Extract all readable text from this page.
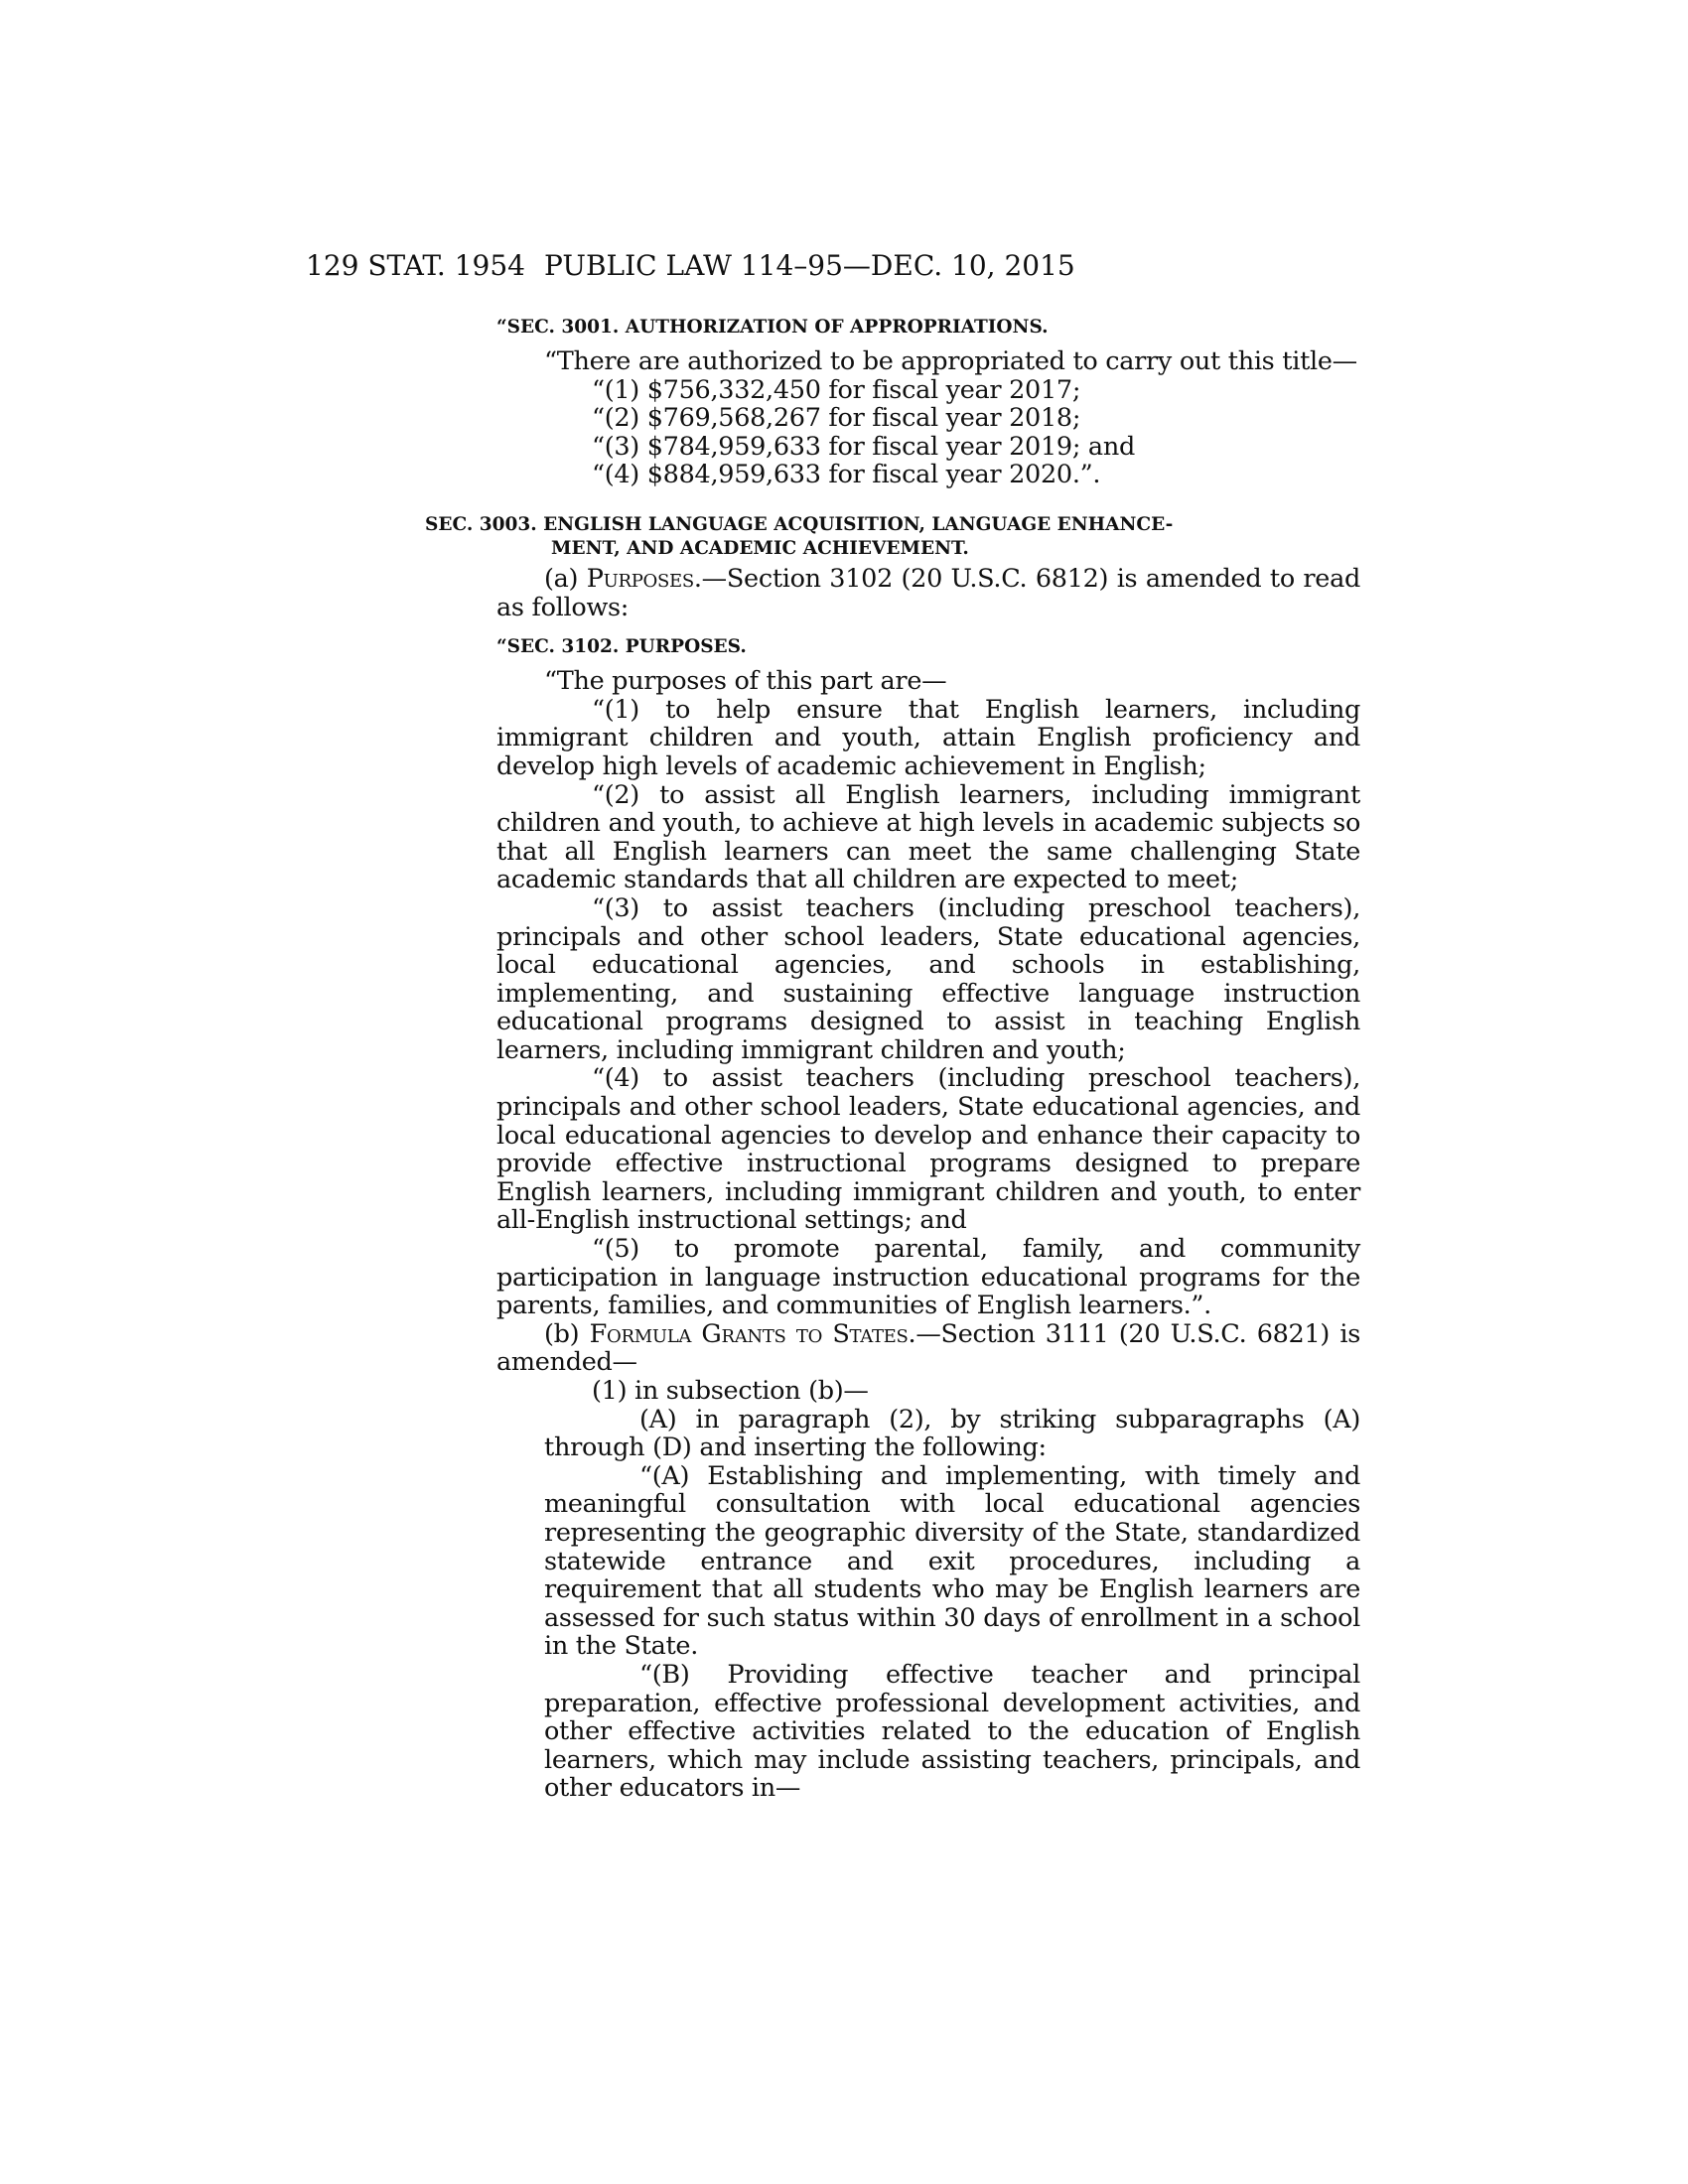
129 STAT. 1954 PUBLIC LAW 114–95—DEC. 10, 2015
“SEC. 3001. AUTHORIZATION OF APPROPRIATIONS.

“There are authorized to be appropriated to carry out this title—

“(1) $756,332,450 for fiscal year 2017;
“(2) $769,568,267 for fiscal year 2018;
“(3) $784,959,633 for fiscal year 2019; and
“(4) $884,959,633 for fiscal year 2020.”.
SEC. 3003. ENGLISH LANGUAGE ACQUISITION, LANGUAGE ENHANCE-
MENT, AND ACADEMIC ACHIEVEMENT.

(a) Purposes.—Section 3102 (20 U.S.C. 6812) is amended to read as follows:

“SEC. 3102. PURPOSES.

“The purposes of this part are—

“(1) to help ensure that English learners, including immigrant children and youth, attain English proficiency and develop high levels of academic achievement in English;

“(2) to assist all English learners, including immigrant children and youth, to achieve at high levels in academic subjects so that all English learners can meet the same challenging State academic standards that all children are expected to meet;

“(3) to assist teachers (including preschool teachers), principals and other school leaders, State educational agencies, local educational agencies, and schools in establishing, implementing, and sustaining effective language instruction educational programs designed to assist in teaching English learners, including immigrant children and youth;

“(4) to assist teachers (including preschool teachers), principals and other school leaders, State educational agencies, and local educational agencies to develop and enhance their capacity to provide effective instructional programs designed to prepare English learners, including immigrant children and youth, to enter all-English instructional settings; and

“(5) to promote parental, family, and community participation in language instruction educational programs for the parents, families, and communities of English learners.”.

(b) Formula Grants to States.—Section 3111 (20 U.S.C. 6821) is amended—

(1) in subsection (b)—

(A) in paragraph (2), by striking subparagraphs (A) through (D) and inserting the following:

“(A) Establishing and implementing, with timely and meaningful consultation with local educational agencies representing the geographic diversity of the State, standardized statewide entrance and exit procedures, including a requirement that all students who may be English learners are assessed for such status within 30 days of enrollment in a school in the State.

“(B) Providing effective teacher and principal preparation, effective professional development activities, and other effective activities related to the education of English learners, which may include assisting teachers, principals, and other educators in—
